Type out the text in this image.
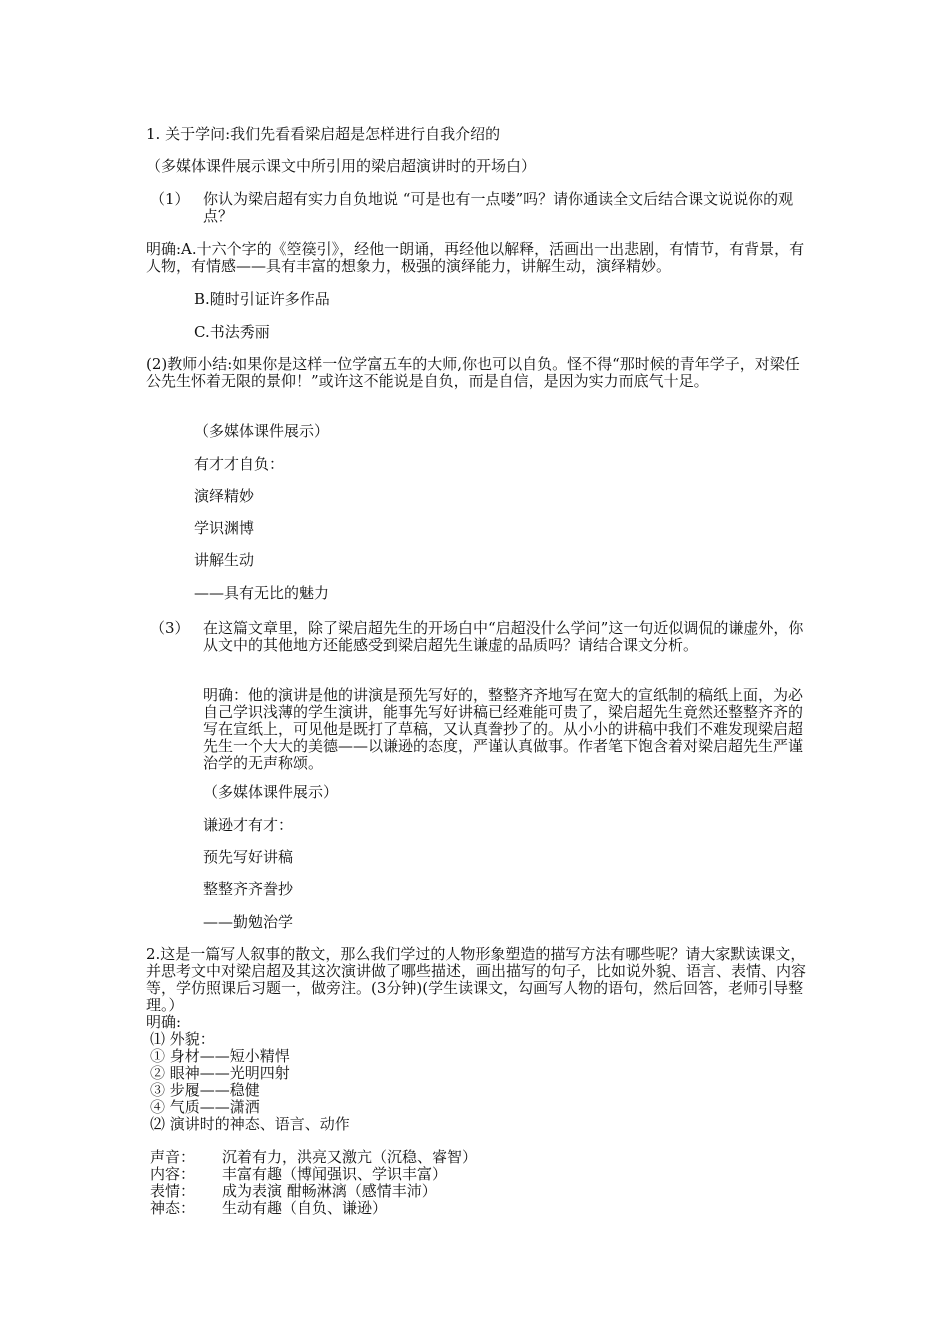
1. 关于学问:我们先看看梁启超是怎样进行自我介绍的
（多媒体课件展示课文中所引用的梁启超演讲时的开场白）
（1） 你认为梁启超有实力自负地说 “可是也有一点喽”吗？请你通读全文后结合课文说说你的观点？
明确:A.十六个字的《箜篌引》，经他一朗诵，再经他以解释，活画出一出悲剧，有情节，有背景，有人物，有情感——具有丰富的想象力，极强的演绎能力，讲解生动，演绎精妙。
B.随时引证许多作品
C.书法秀丽
(2)教师小结:如果你是这样一位学富五车的大师,你也可以自负。怪不得“那时候的青年学子，对梁任公先生怀着无限的景仰！”或许这不能说是自负，而是自信，是因为实力而底气十足。
（多媒体课件展示）
有才才自负：
演绎精妙
学识渊博
讲解生动
——具有无比的魅力
（3） 在这篇文章里，除了梁启超先生的开场白中“启超没什么学问”这一句近似调侃的谦虚外，你从文中的其他地方还能感受到梁启超先生谦虚的品质吗？请结合课文分析。
明确：他的演讲是他的讲演是预先写好的，整整齐齐地写在宽大的宣纸制的稿纸上面，为必自己学识浅薄的学生演讲，能事先写好讲稿已经难能可贵了，梁启超先生竟然还整整齐齐的写在宣纸上，可见他是既打了草稿，又认真誊抄了的。从小小的讲稿中我们不难发现梁启超先生一个大大的美德——以谦逊的态度，严谨认真做事。作者笔下饱含着对梁启超先生严谨治学的无声称颂。
（多媒体课件展示）
谦逊才有才：
预先写好讲稿
整整齐齐誊抄
——勤勉治学
2.这是一篇写人叙事的散文，那么我们学过的人物形象塑造的描写方法有哪些呢？请大家默读课文，并思考文中对梁启超及其这次演讲做了哪些描述，画出描写的句子，比如说外貌、语言、表情、内容等，学仿照课后习题一，做旁注。(3分钟)(学生读课文，勾画写人物的语句，然后回答，老师引导整理。）
明确:
⑴ 外貌：
① 身材——短小精悍
② 眼神——光明四射
③ 步履——稳健
④ 气质——潇洒
⑵ 演讲时的神态、语言、动作
声音： 沉着有力，洪亮又激亢（沉稳、睿智）
内容： 丰富有趣（博闻强识、学识丰富）
表情： 成为表演 酣畅淋漓（感情丰沛）
神态： 生动有趣（自负、谦逊）
